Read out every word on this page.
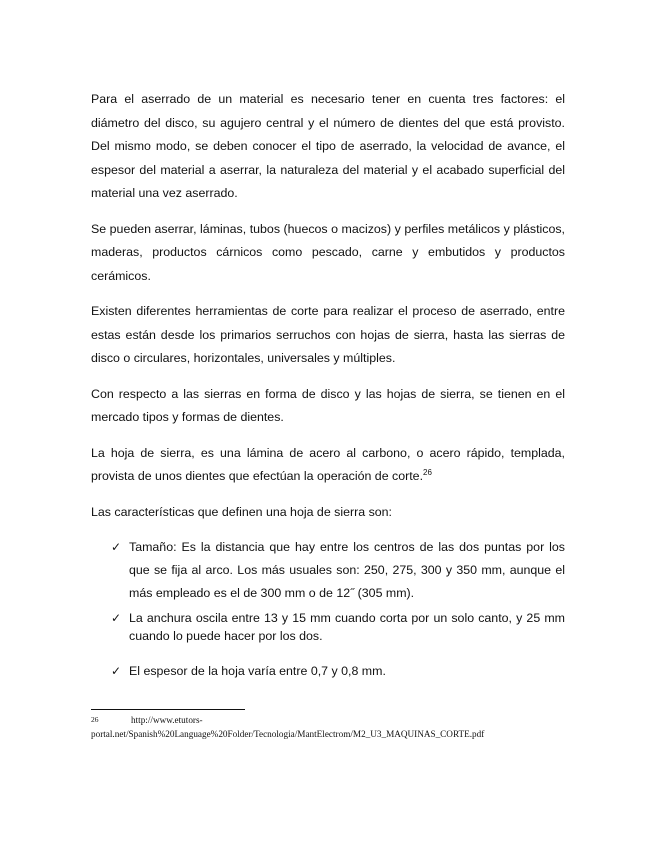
Para el aserrado de un material es necesario tener en cuenta tres factores: el diámetro del disco, su agujero central y el número de dientes del que está provisto. Del mismo modo, se deben conocer el tipo de aserrado, la velocidad de avance, el espesor del material a aserrar, la naturaleza del material y el acabado superficial del material una vez aserrado.

Se pueden aserrar, láminas, tubos (huecos o macizos) y perfiles metálicos y plásticos, maderas, productos cárnicos como pescado, carne y embutidos y productos cerámicos.

Existen diferentes herramientas de corte para realizar el proceso de aserrado, entre estas están desde los primarios serruchos con hojas de sierra, hasta las sierras de disco o circulares, horizontales, universales y múltiples.

Con respecto a las sierras en forma de disco y las hojas de sierra, se tienen en el mercado tipos y formas de dientes.

La hoja de sierra, es una lámina de acero al carbono, o acero rápido, templada, provista de unos dientes que efectúan la operación de corte.$^{26}$

Las características que definen una hoja de sierra son:

✓ Tamaño: Es la distancia que hay entre los centros de las dos puntas por los que se fija al arco. Los más usuales son: 250, 275, 300 y 350 mm, aunque el más empleado es el de 300 mm o de 12˝ (305 mm).
✓ La anchura oscila entre 13 y 15 mm cuando corta por un solo canto, y 25 mm cuando lo puede hacer por los dos.
✓ El espesor de la hoja varía entre 0,7 y 0,8 mm.
26	http://www.etutors-portal.net/Spanish%20Language%20Folder/Tecnologia/MantElectrom/M2_U3_MAQUINAS_CORTE.pdf
